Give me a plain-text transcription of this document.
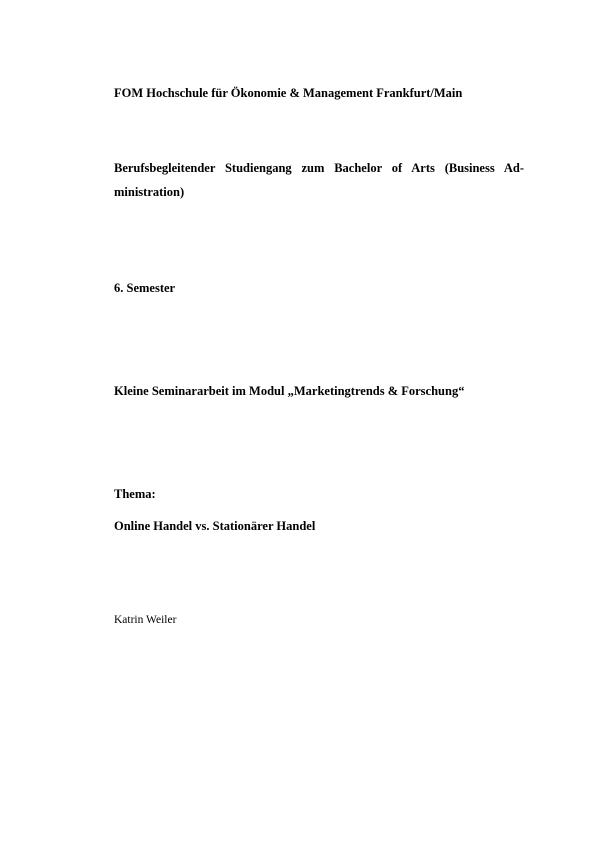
FOM Hochschule für Ökonomie & Management Frankfurt/Main

Berufsbegleitender Studiengang zum Bachelor of Arts (Business Administration)

6. Semester

Kleine Seminararbeit im Modul „Marketingtrends & Forschung“

Thema:

Online Handel vs. Stationärer Handel

Katrin Weiler
